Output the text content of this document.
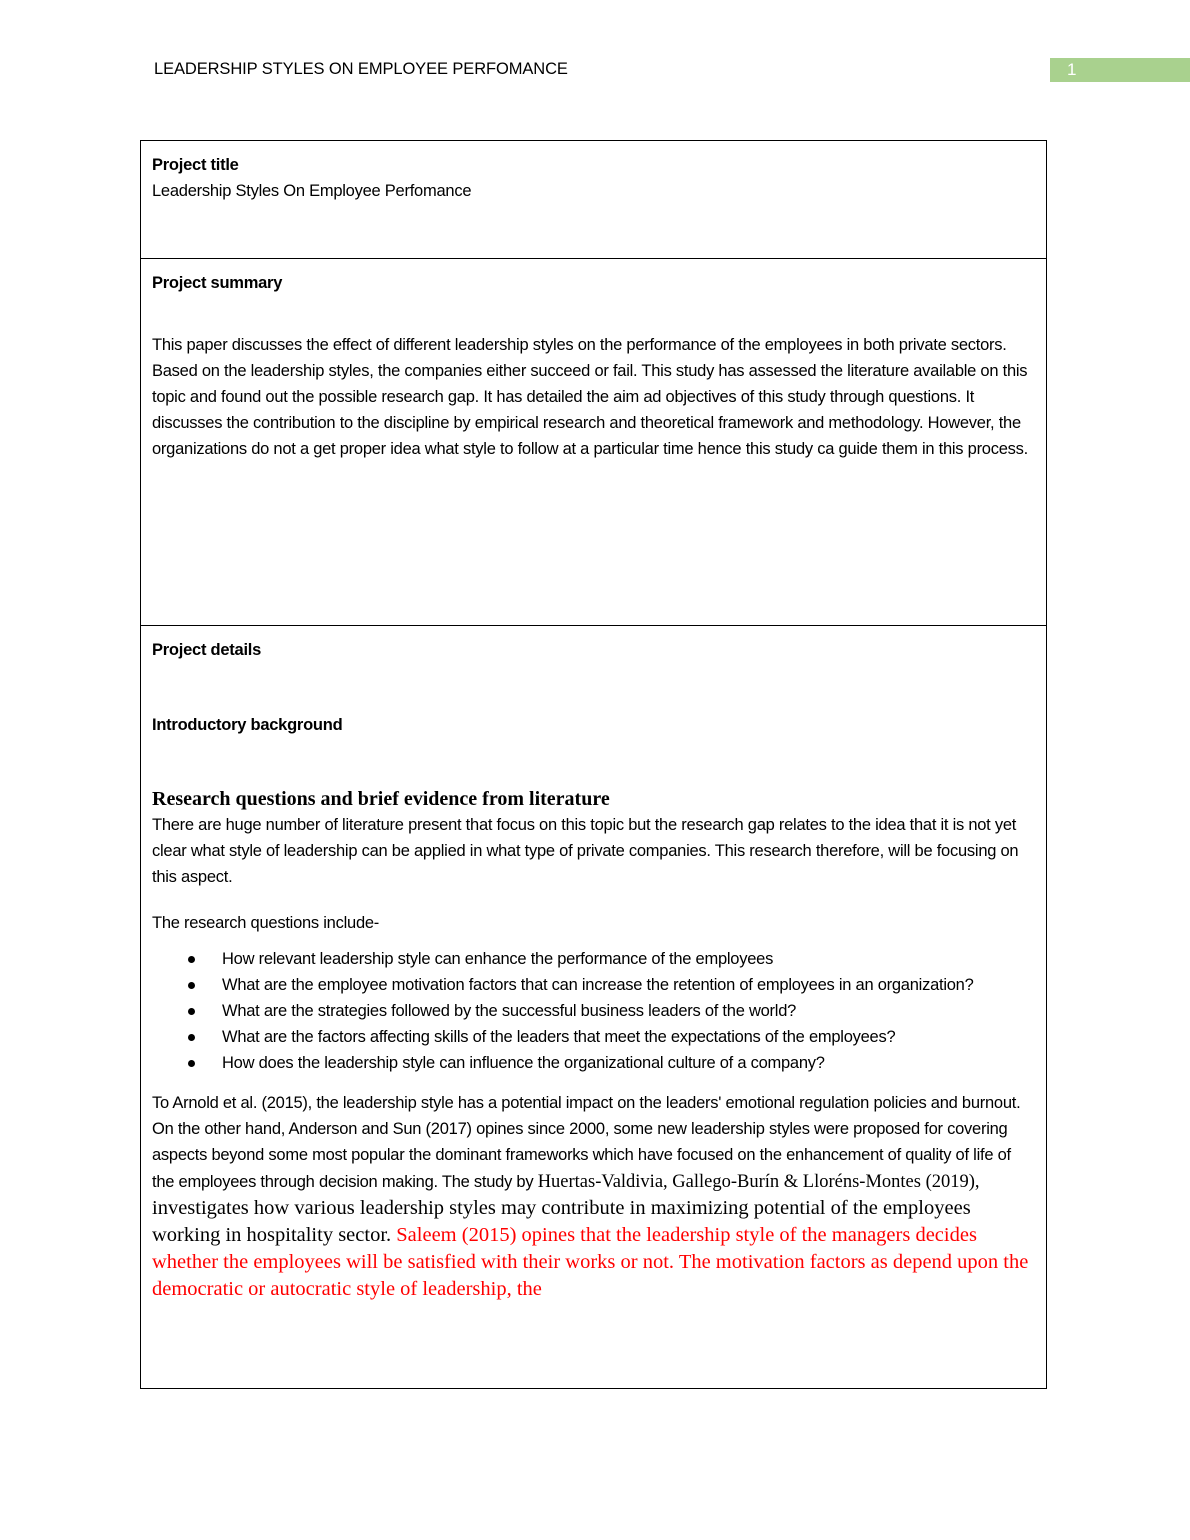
LEADERSHIP STYLES ON EMPLOYEE PERFOMANCE	1

Project title

Leadership Styles On Employee Perfomance

Project summary

This paper discusses the effect of different leadership styles on the performance of the employees in both private sectors. Based on the leadership styles, the companies either succeed or fail. This study has assessed the literature available on this topic and found out the possible research gap. It has detailed the aim ad objectives of this study through questions. It discusses the contribution to the discipline by empirical research and theoretical framework and methodology. However, the organizations do not a get proper idea what style to follow at a particular time hence this study ca guide them in this process.

Project details

Introductory background

Research questions and brief evidence from literature

There are huge number of literature present that focus on this topic but the research gap relates to the idea that it is not yet clear what style of leadership can be applied in what type of private companies. This research therefore, will be focusing on this aspect.

The research questions include-

How relevant leadership style can enhance the performance of the employees
What are the employee motivation factors that can increase the retention of employees in an organization?
What are the strategies followed by the successful business leaders of the world?
What are the factors affecting skills of the leaders that meet the expectations of the employees?
How does the leadership style can influence the organizational culture of a company?

To Arnold et al. (2015), the leadership style has a potential impact on the leaders' emotional regulation policies and burnout. On the other hand, Anderson and Sun (2017) opines since 2000, some new leadership styles were proposed for covering aspects beyond some most popular the dominant frameworks which have focused on the enhancement of quality of life of the employees through decision making. The study by Huertas-Valdivia, Gallego-Burín & Lloréns-Montes (2019), investigates how various leadership styles may contribute in maximizing potential of the employees working in hospitality sector. Saleem (2015) opines that the leadership style of the managers decides whether the employees will be satisfied with their works or not. The motivation factors as depend upon the democratic or autocratic style of leadership, the
